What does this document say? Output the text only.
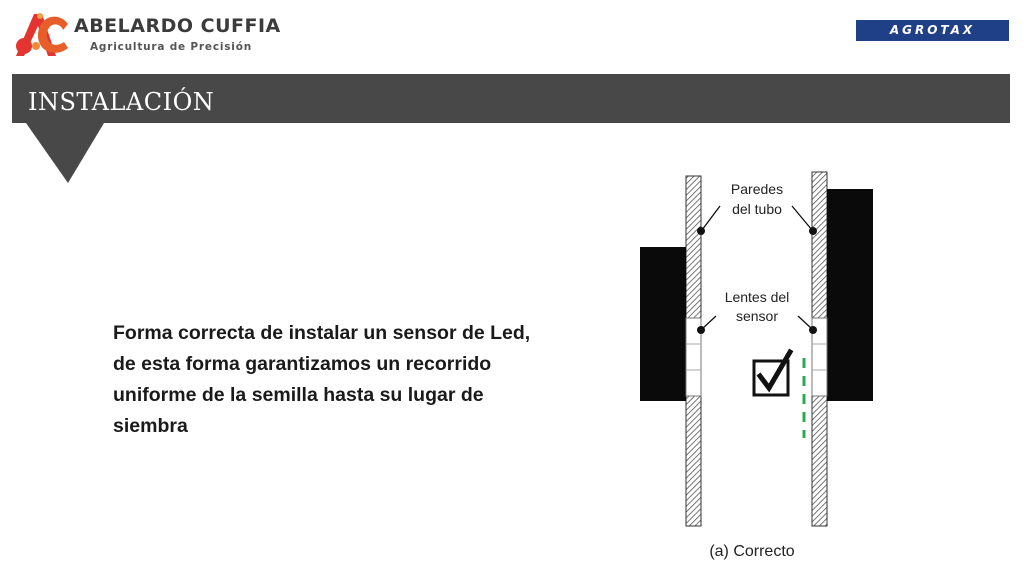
ABELARDO CUFFIA
Agricultura de Precisión
AGROTAX
INSTALACIÓN
Forma correcta de instalar un sensor de Led, de esta forma garantizamos un recorrido uniforme de la semilla hasta su lugar de siembra
Paredes
del tubo
Lentes del
sensor
(a) Correcto
